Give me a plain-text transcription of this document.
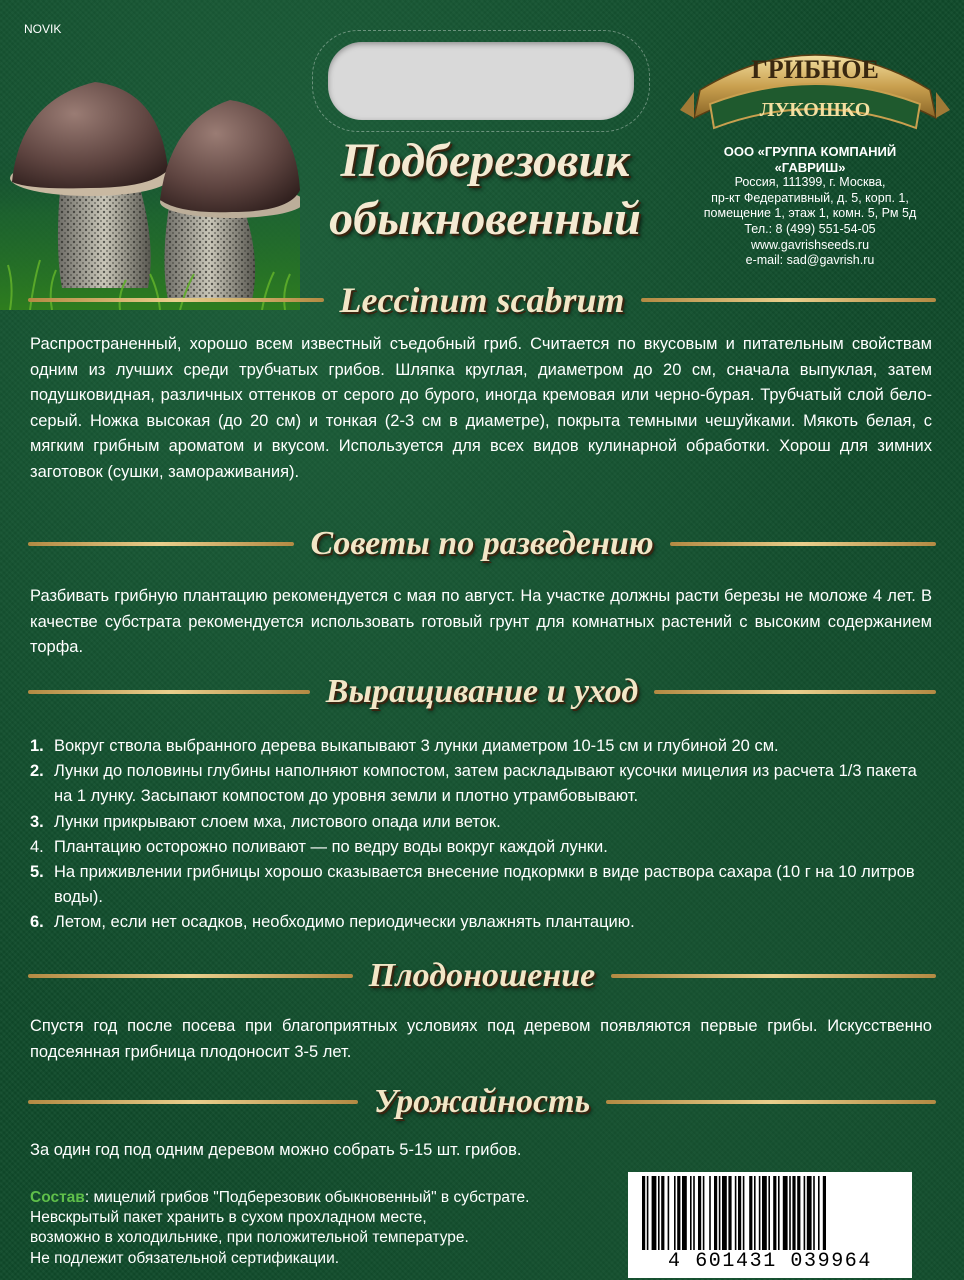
NOVIK
Подберезовик
обыкновенный
ГРИБНОЕ
ЛУКОШКО
ООО «ГРУППА КОМПАНИЙ
«ГАВРИШ»
Россия, 111399, г. Москва,
пр-кт Федеративный, д. 5, корп. 1,
помещение 1, этаж 1, комн. 5, Рм 5д
Тел.: 8 (499) 551-54-05
www.gavrishseeds.ru
e-mail: sad@gavrish.ru
Leccinum scabrum
Распространенный, хорошо всем известный съедобный гриб. Считается по вкусовым и питательным свойствам одним из лучших среди трубчатых грибов. Шляпка круглая, диаметром до 20 см, сначала выпуклая, затем подушковидная, различных оттенков от серого до бурого, иногда кремовая или черно-бурая. Трубчатый слой бело-серый. Ножка высокая (до 20 см) и тонкая (2-3 см в диаметре), покрыта темными чешуйками. Мякоть белая, с мягким грибным ароматом и вкусом. Используется для всех видов кулинарной обработки. Хорош для зимних заготовок (сушки, замораживания).
Советы по разведению
Разбивать грибную плантацию рекомендуется с мая по август. На участке должны расти березы не моложе 4 лет. В качестве субстрата рекомендуется использовать готовый грунт для комнатных растений с высоким содержанием торфа.
Выращивание и уход
1. Вокруг ствола выбранного дерева выкапывают 3 лунки диаметром 10-15 см и глубиной 20 см.
2. Лунки до половины глубины наполняют компостом, затем раскладывают кусочки мицелия из расчета 1/3 пакета на 1 лунку. Засыпают компостом до уровня земли и плотно утрамбовывают.
3. Лунки прикрывают слоем мха, листового опада или веток.
4. Плантацию осторожно поливают — по ведру воды вокруг каждой лунки.
5. На приживлении грибницы хорошо сказывается внесение подкормки в виде раствора сахара (10 г на 10 литров воды).
6. Летом, если нет осадков, необходимо периодически увлажнять плантацию.
Плодоношение
Спустя год после посева при благоприятных условиях под деревом появляются первые грибы. Искусственно подсеянная грибница плодоносит 3-5 лет.
Урожайность
За один год под одним деревом можно собрать 5-15 шт. грибов.
Состав: мицелий грибов "Подберезовик обыкновенный" в субстрате.
Невскрытый пакет хранить в сухом прохладном месте,
возможно в холодильнике, при положительной температуре.
Не подлежит обязательной сертификации.	4 601431 039964
